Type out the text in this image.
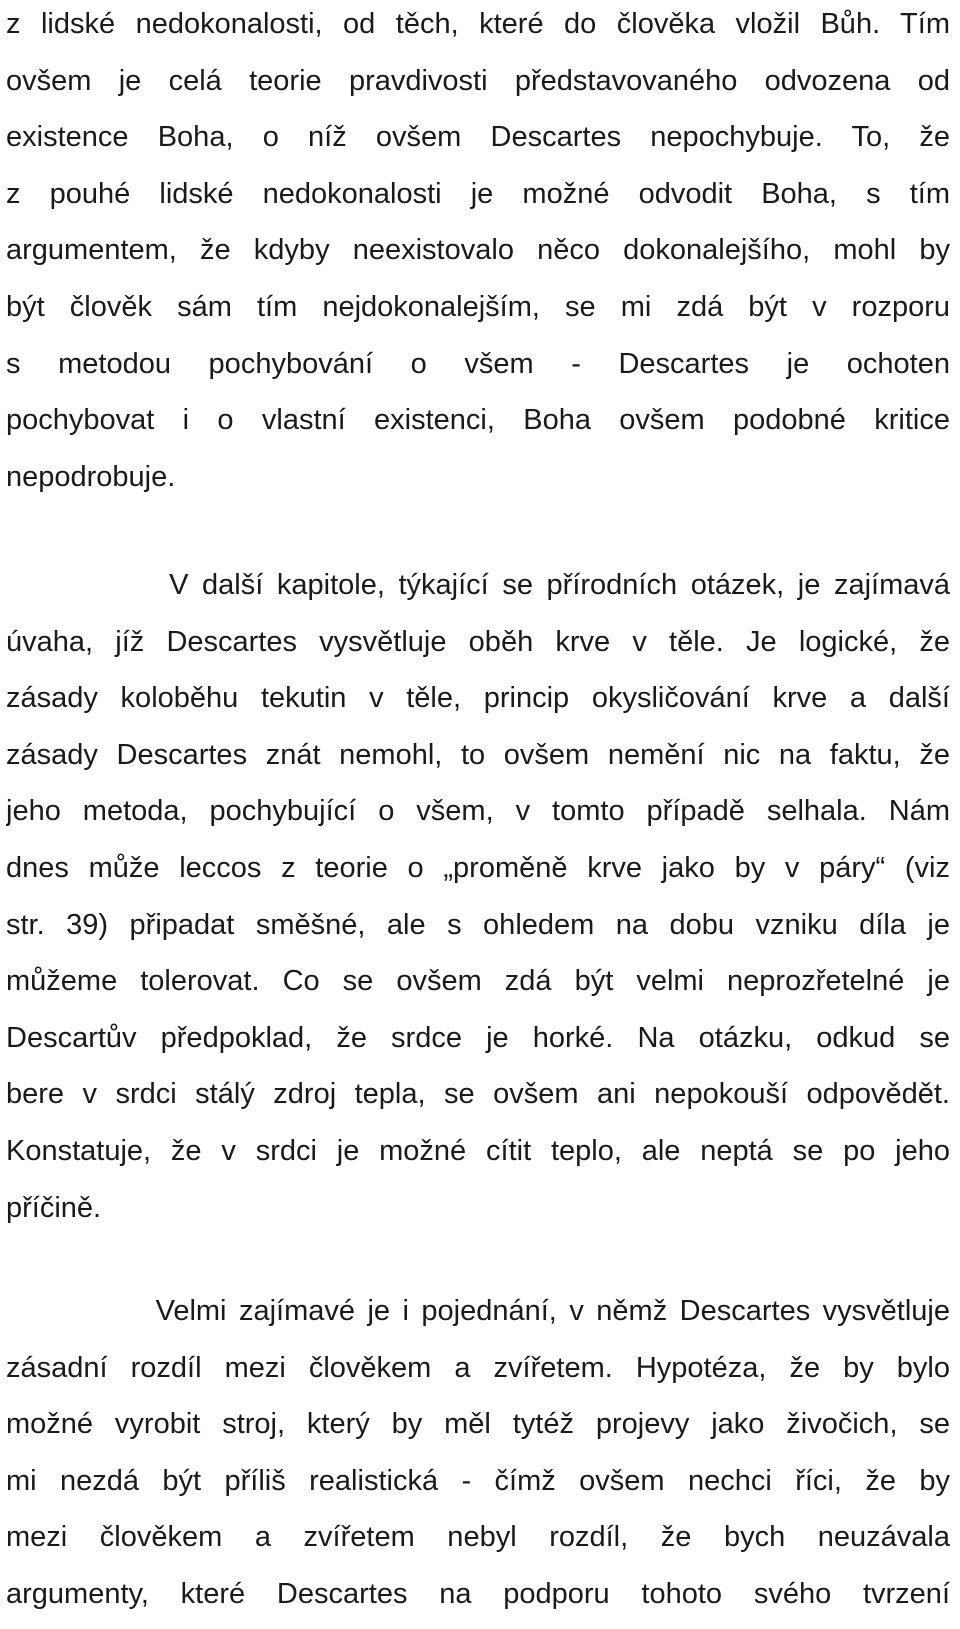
z lidské nedokonalosti, od těch, které do člověka vložil Bůh. Tím
ovšem je celá teorie pravdivosti představovaného odvozena od
existence Boha, o níž ovšem Descartes nepochybuje. To, že
z pouhé lidské nedokonalosti je možné odvodit Boha, s tím
argumentem, že kdyby neexistovalo něco dokonalejšího, mohl by
být člověk sám tím nejdokonalejším, se mi zdá být v rozporu
s metodou pochybování o všem - Descartes je ochoten
pochybovat i o vlastní existenci, Boha ovšem podobné kritice
nepodrobuje.
V další kapitole, týkající se přírodních otázek, je zajímavá
úvaha, jíž Descartes vysvětluje oběh krve v těle. Je logické, že
zásady koloběhu tekutin v těle, princip okysličování krve a další
zásady Descartes znát nemohl, to ovšem nemění nic na faktu, že
jeho metoda, pochybující o všem, v tomto případě selhala. Nám
dnes může leccos z teorie o „proměně krve jako by v páry“ (viz
str. 39) připadat směšné, ale s ohledem na dobu vzniku díla je
můžeme tolerovat. Co se ovšem zdá být velmi neprozřetelné je
Descartův předpoklad, že srdce je horké. Na otázku, odkud se
bere v srdci stálý zdroj tepla, se ovšem ani nepokouší odpovědět.
Konstatuje, že v srdci je možné cítit teplo, ale neptá se po jeho
příčině.
Velmi zajímavé je i pojednání, v němž Descartes vysvětluje
zásadní rozdíl mezi člověkem a zvířetem. Hypotéza, že by bylo
možné vyrobit stroj, který by měl tytéž projevy jako živočich, se
mi nezdá být příliš realistická - čímž ovšem nechci říci, že by
mezi člověkem a zvířetem nebyl rozdíl, že bych neuzávala
argumenty, které Descartes na podporu tohoto svého tvrzení
